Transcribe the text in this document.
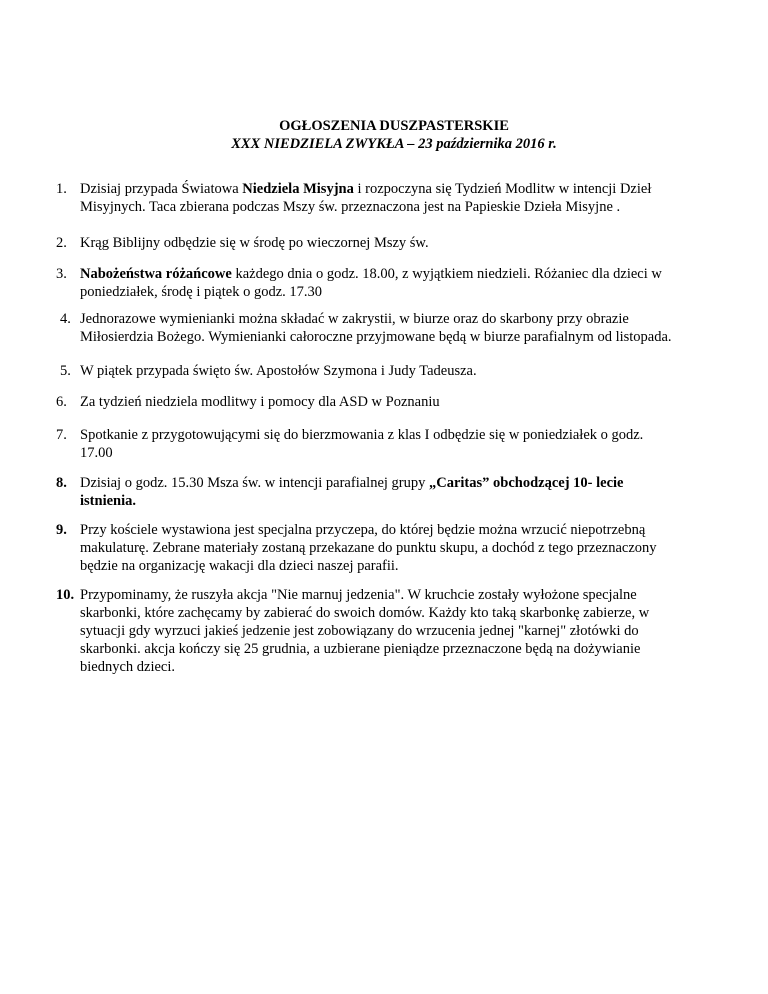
OGŁOSZENIA DUSZPASTERSKIE
XXX NIEDZIELA ZWYKŁA – 23 października 2016 r.
1. Dzisiaj przypada Światowa Niedziela Misyjna i rozpoczyna się Tydzień Modlitw w intencji Dzieł
Misyjnych. Taca zbierana podczas Mszy św. przeznaczona jest na Papieskie Dzieła Misyjne .
2. Krąg Biblijny odbędzie się w środę po wieczornej Mszy św.
3. Nabożeństwa różańcowe każdego dnia o godz. 18.00, z wyjątkiem niedzieli. Różaniec dla dzieci w
poniedziałek, środę i piątek o godz. 17.30
4. Jednorazowe wymienianki można składać w zakrystii, w biurze oraz do skarbony przy obrazie
Miłosierdzia Bożego. Wymienianki całoroczne przyjmowane będą w biurze parafialnym od listopada.
5. W piątek przypada święto św. Apostołów Szymona i Judy Tadeusza.
6. Za tydzień niedziela modlitwy i pomocy dla ASD w Poznaniu
7. Spotkanie z przygotowującymi się do bierzmowania z klas I odbędzie się w poniedziałek o godz.
17.00
8. Dzisiaj o godz. 15.30 Msza św. w intencji parafialnej grupy „Caritas” obchodzącej 10- lecie
istnienia.
9. Przy kościele wystawiona jest specjalna przyczepa, do której będzie można wrzucić niepotrzebną
makulaturę. Zebrane materiały zostaną przekazane do punktu skupu, a dochód z tego przeznaczony
będzie na organizację wakacji dla dzieci naszej parafii.
10. Przypominamy, że ruszyła akcja "Nie marnuj jedzenia". W kruchcie zostały wyłożone specjalne
skarbonki, które zachęcamy by zabierać do swoich domów. Każdy kto taką skarbonkę zabierze, w
sytuacji gdy wyrzuci jakieś jedzenie jest zobowiązany do wrzucenia jednej "karnej" złotówki do
skarbonki. akcja kończy się 25 grudnia, a uzbierane pieniądze przeznaczone będą na dożywianie
biednych dzieci.
